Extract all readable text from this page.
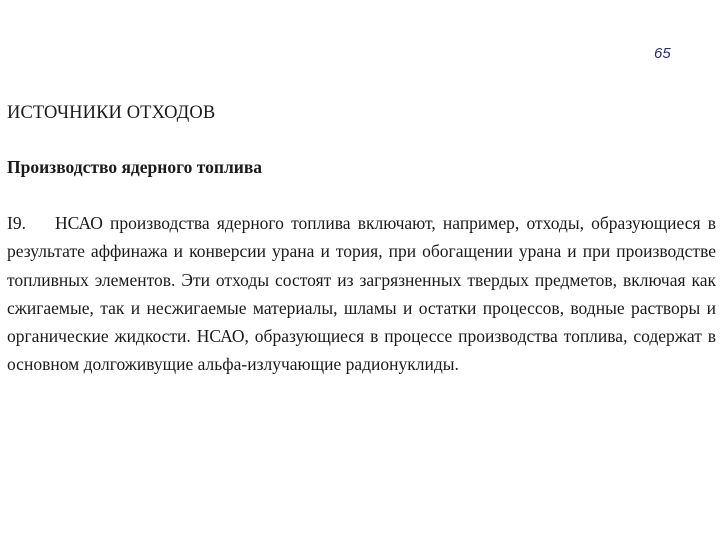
65
ИСТОЧНИКИ ОТХОДОВ
Производство ядерного топлива
I9. НСАО производства ядерного топлива включают, например, отходы, образующиеся в результате аффинажа и конверсии урана и тория, при обогащении урана и при производстве топливных элементов. Эти отходы состоят из загрязненных твердых предметов, включая как сжигаемые, так и несжигаемые материалы, шламы и остатки процессов, водные растворы и органические жидкости. НСАО, образующиеся в процессе производства топлива, содержат в основном долгоживущие альфа-излучающие радионуклиды.
